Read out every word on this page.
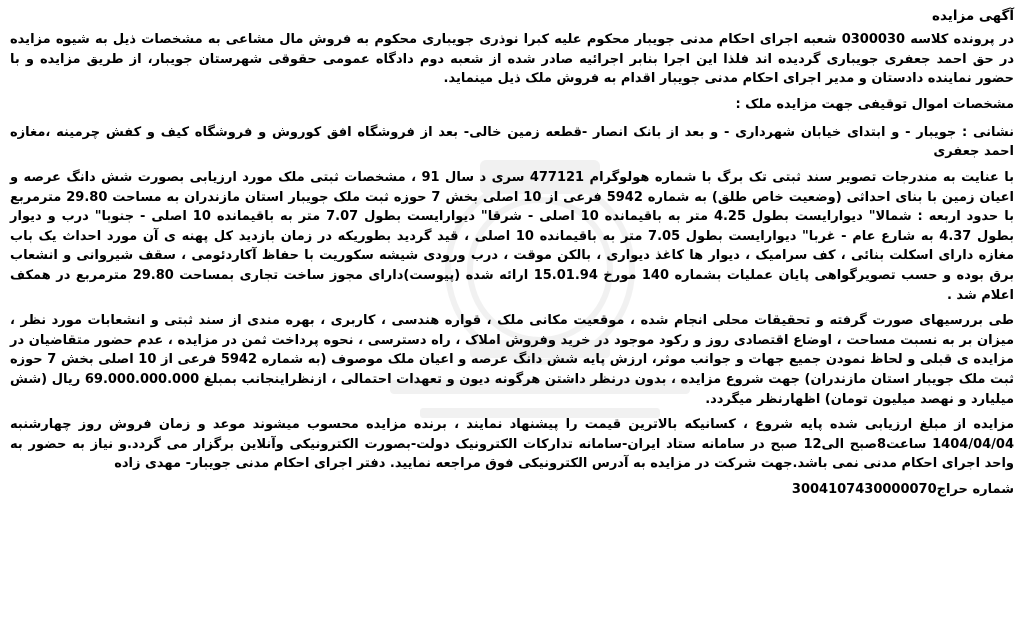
آگهی مزایده

در پرونده کلاسه 0300030 شعبه اجرای احکام مدنی جویبار محکوم علیه کبرا نوذری جویباری محکوم به فروش مال مشاعی به مشخصات ذیل به شیوه مزایده در حق احمد جعفری جویباری گردیده اند فلذا این اجرا بنابر اجرائیه صادر شده از شعبه دوم دادگاه عمومی حقوقی شهرستان جویبار، از طریق مزایده و با حضور نماینده دادستان و مدیر اجرای احکام مدنی جویبار اقدام به فروش ملک ذیل مینماید.

مشخصات اموال توقیفی جهت مزایده ملک :

نشانی : جویبار - و ابتدای خیابان شهرداری - و بعد از بانک انصار -قطعه زمین خالی- بعد از فروشگاه افق کوروش و فروشگاه کیف و کفش چرمینه ،مغازه احمد جعفری

با عنایت به مندرجات تصویر سند ثبتی تک برگ با شماره هولوگرام 477121 سری د سال 91 ، مشخصات ثبتی ملک مورد ارزیابی بصورت شش دانگ عرصه و اعیان زمین با بنای احداثی (وضعیت خاص طلق) به شماره 5942 فرعی از 10 اصلی بخش 7 حوزه ثبت ملک جویبار استان مازندران به مساحت 29.80 مترمربع با حدود اربعه : شمالا" دیوارایست بطول 4.25 متر به باقیمانده 10 اصلی - شرقا" دیوارایست بطول 7.07 متر به باقیمانده 10 اصلی - جنوبا" درب و دیوار بطول 4.37 به شارع عام - غربا" دیوارایست بطول 7.05 متر به باقیمانده 10 اصلی ، قید گردید بطوریکه در زمان بازدید کل پهنه ی آن مورد احداث یک باب مغازه دارای اسکلت بنائی ، کف سرامیک ، دیوار ها کاغذ دیواری ، بالکن موقت ، درب ورودی شیشه سکوریت با حفاظ آکاردئومی ، سقف شیروانی و انشعاب برق بوده و حسب تصویرگواهی پایان عملیات بشماره 140 مورخ 15.01.94 ارائه شده (پیوست)دارای مجوز ساخت تجاری بمساحت 29.80 مترمربع در همکف اعلام شد .

طی بررسیهای صورت گرفته و تحقیقات محلی انجام شده ، موقعیت مکانی ملک ، قواره هندسی ، کاربری ، بهره مندی از سند ثبتی و انشعابات مورد نظر ، میزان بر به نسبت مساحت ، اوضاع اقتصادی روز و رکود موجود در خرید وفروش املاک ، راه دسترسی ، نحوه پرداخت ثمن در مزایده ، عدم حضور متقاضیان در مزایده ی قبلی و لحاظ نمودن جمیع جهات و جوانب موثر، ارزش پایه شش دانگ عرصه و اعیان ملک موصوف (به شماره 5942 فرعی از 10 اصلی بخش 7 حوزه ثبت ملک جویبار استان مازندران) جهت شروع مزایده ، بدون درنظر داشتن هرگونه دیون و تعهدات احتمالی ، ازنظراینجانب بمبلغ 69.000.000.000 ریال (شش میلیارد و نهصد میلیون تومان) اظهارنظر میگردد.

مزایده از مبلغ ارزیابی شده پایه شروع ، کسانیکه بالاترین قیمت را پیشنهاد نمایند ، برنده مزایده محسوب میشوند موعد و زمان فروش روز چهارشنبه 1404/04/04 ساعت8صبح الی12 صبح در سامانه ستاد ایران-سامانه تدارکات الکترونیک دولت-بصورت الکترونیکی وآنلاین برگزار می گردد.و نیاز به حضور به واحد اجرای احکام مدنی نمی باشد.جهت شرکت در مزایده به آدرس الکترونیکی فوق مراجعه نمایید. دفتر اجرای احکام مدنی جویبار- مهدی زاده

شماره حراج3004107430000070
